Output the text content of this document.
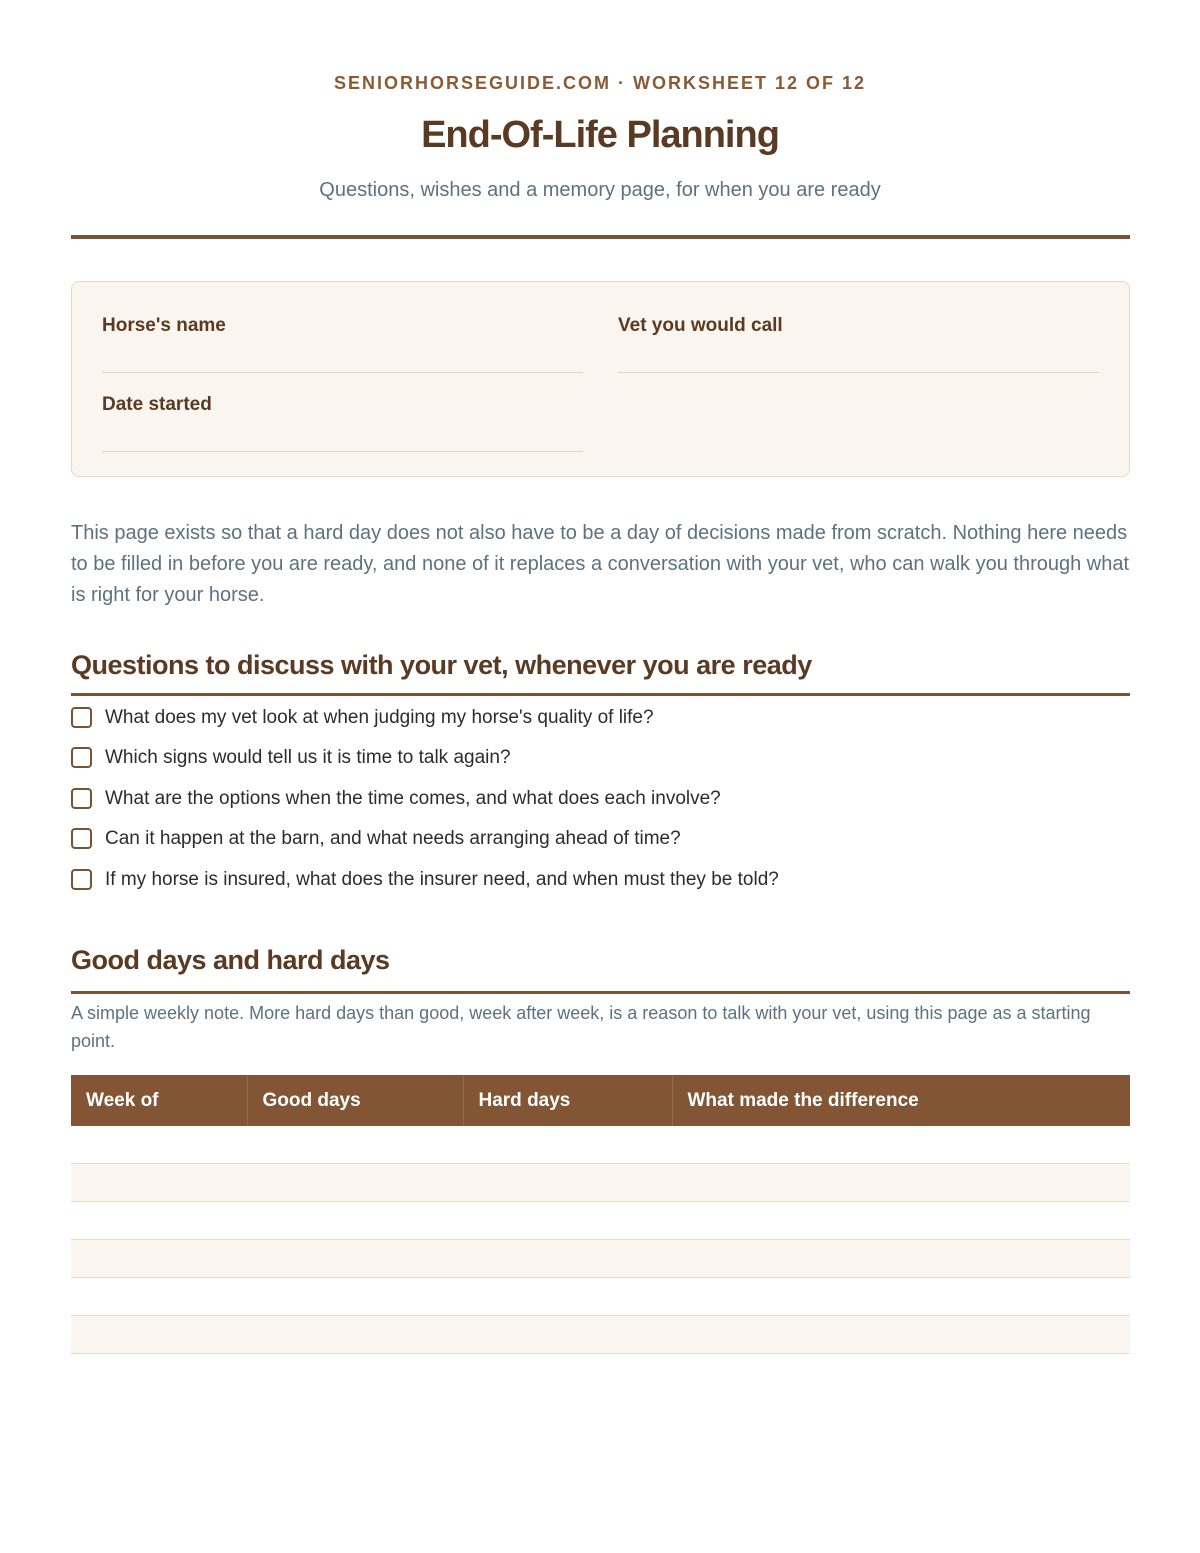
SENIORHORSEGUIDE.COM · WORKSHEET 12 OF 12
End-Of-Life Planning
Questions, wishes and a memory page, for when you are ready
Horse's name	Vet you would call
Date started
This page exists so that a hard day does not also have to be a day of decisions made from scratch. Nothing here needs to be filled in before you are ready, and none of it replaces a conversation with your vet, who can walk you through what is right for your horse.
Questions to discuss with your vet, whenever you are ready
What does my vet look at when judging my horse's quality of life?
Which signs would tell us it is time to talk again?
What are the options when the time comes, and what does each involve?
Can it happen at the barn, and what needs arranging ahead of time?
If my horse is insured, what does the insurer need, and when must they be told?
Good days and hard days
A simple weekly note. More hard days than good, week after week, is a reason to talk with your vet, using this page as a starting point.
Week of	Good days	Hard days	What made the difference
